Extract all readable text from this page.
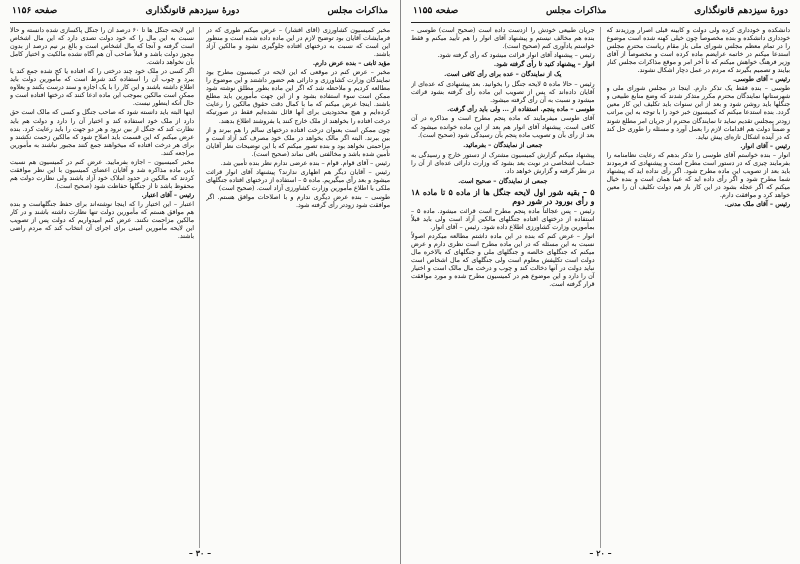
دورهٔ سیزدهم قانونگذاری
مذاکرات مجلس
صفحه ۱۱۵۵

دانشکده و خودداری کرده ولی دولت و کابینه قبلی اصرار ورزیدند که خودداری دانشکده و بنده مخصوصاً چون خیلی کهنه شده است موضوع را در تمام معظم مجلس شورای ملی باز مقام ریاست محترم مجلس استدعا میکنم در خاتمه عرایضم ماده کرده است و مخصوصاً از آقای وزیر فرهنگ خواهش میکنم که تا آخر امر و موقع مذاکرات مجلس کنار بیایند و تصمیم بگیرند که مردم در عمل دچار اشکال نشوند.

رئیس – آقای طوسی.

طوسی – بنده فقط یک تذکر دارم. اینجا در مجلس شورای ملی و شهرستانها نمایندگان محترم مکرر متذکر شدند که وضع منابع طبیعی و جنگلها باید روشن شود و بعد از این سنوات باید تکلیف این کار معین گردد. بنده استدعا میکنم که کمیسیون خبر خود را با توجه به این مراتب زودتر بمجلس تقدیم نماید تا نمایندگان محترم از جریان امر مطلع شوند و ضمناً دولت هم اقدامات لازم را بعمل آورد و مسئله را طوری حل کند که در آینده اشکال تازه‌ای پیش نیاید.

رئیس – آقای انوار.

انوار – بنده خواستم آقای طوسی را تذکر بدهم که رعایت نظامنامه را بفرمایند چیزی که در دستور است مطرح است و پیشنهادی که فرمودند باید بعد از تصویب این ماده مطرح شود. اگر رأی نداده اید که پیشنهاد شما مطرح شود و اگر رأی داده اید که عیناً همان است و بنده خیال میکنم که اگر عجله بشود در این کار باز هم دولت تکلیف آن را معین خواهد کرد و موافقت دارم.

رئیس – آقای ملک مدنی.

جریان طبیعی خودش را ازدست داده است (صحیح است) طوسی – بنده هم مخالف نیستم و پیشنهاد آقای انوار را هم تأیید میکنم و فقط خواستم یادآوری کنم (صحیح است).

رئیس – پیشنهاد آقای انوار قرائت میشود که رأی گرفته شود.

انوار – پیشنهاد کنید تا رأی گرفته شود.

یک از نمایندگان – عده برای رأی کافی است.

رئیس – حالا ماده ۵ لایحه جنگل را بخوانید. بعد پیشنهادی که عده‌ای از آقایان داده‌اند که پس از تصویب این ماده رأی گرفته بشود قرائت میشود و نسبت به آن رأی گرفته میشود.

طوسی – ماده پنجم. استفاده از ... ولی باید رأی گرفت.

آقای طوسی میفرمایند که ماده پنجم مطرح است و مذاکره در آن کافی است. پیشنهاد آقای انوار هم بعد از این ماده خوانده میشود که بعد از رأی بآن و تصویب ماده پنجم بآن رسیدگی شود (صحیح است).

جمعی از نمایندگان – بفرمائید.

پیشنهاد میکنم گزارش کمیسیون مشترک از دستور خارج و رسیدگی به حساب اشخاصی در نوبت بعد بشود که وزارت دارائی عده‌ای از آن را در نظر گرفته و گزارش خواهد داد.

جمعی از نمایندگان – صحیح است.

۵ – بقیه شور اول لایحه جنگل ها از ماده ۵ تا ماده ۱۸ و رأی بورود در شور دوم

رئیس – پس عجالتاً ماده پنجم مطرح است قرائت میشود. ماده ۵ – استفاده از درختهای افتاده جنگلهای مالکین آزاد است ولی باید قبلاً بمأمورین وزارت کشاورزی اطلاع داده شود. رئیس – آقای انوار.

انوار – عرض کنم که بنده در این ماده داشتم مطالعه میکردم اصولاً نسبت به این مسئله که در این ماده مطرح است نظری دارم و عرض میکنم که جنگلهای خالصه و جنگلهای ملی و جنگلهای که بالاخره مال دولت است تکلیفش معلوم است ولی جنگلهای که مال اشخاص است نباید دولت در آنها دخالت کند و چوب و درخت مال مالک است و اختیار آن را دارد و این موضوع هم در کمیسیون مطرح شده و مورد موافقت قرار گرفته است.

– ۲۰ –
مذاکرات مجلس
دورهٔ سیزدهم قانونگذاری
صفحه ۱۱۵۶

مخبر کمیسیون کشاورزی (آقای افشار) – عرض میکنم طوری که در فرمایشات آقایان بود توضیح لازم در این ماده داده شده است و منظور این است که نسبت به درختهای افتاده جلوگیری نشود و مالکین آزاد باشند.

مؤید ثابتی – بنده عرض دارم.

مخبر – عرض کنم در موقعی که این لایحه در کمیسیون مطرح بود نمایندگان وزارت کشاورزی و دارائی هم حضور داشتند و این موضوع را مطالعه کردیم و ملاحظه شد که اگر این ماده بطور مطلق نوشته شود ممکن است سوء استفاده بشود و از این جهت مأمورین باید مطلع باشند. اینجا عرض میکنم که ما با کمال دقت حقوق مالکین را رعایت کرده‌ایم و هیچ محدودیتی برای آنها قائل نشده‌ایم فقط در صورتیکه درخت افتاده را بخواهند از ملک خارج کنند یا بفروشند اطلاع بدهند.

چون ممکن است بعنوان درخت افتاده درختهای سالم را هم ببرند و از بین ببرند. البته اگر مالک بخواهد در ملک خود مصرف کند آزاد است و مزاحمتی نخواهد بود و بنده تصور میکنم که با این توضیحات نظر آقایان تأمین شده باشد و مخالفتی باقی نماند (صحیح است).

رئیس – آقای قوام. قوام – بنده عرضی ندارم نظر بنده تأمین شد.

رئیس – آقایان دیگر هم اظهاری ندارند؟ پیشنهاد آقای انوار قرائت میشود و بعد رأی میگیریم. ماده ۵ – استفاده از درختهای افتاده جنگلهای ملکی با اطلاع مأمورین وزارت کشاورزی آزاد است. (صحیح است)

طوسی – بنده عرض دیگری ندارم و با اصلاحات موافق هستم. اگر موافقت شود زودتر رأی گرفته شود.

این لایحه جنگل ها تا ۶۰ درصد آن را جنگل پاکسازی شده دانسته و حالا نسبت به این مال را که خود دولت تصدی دارد که این مال اشخاص است گرفته و آنجا که مال اشخاص است و بالغ بر نیم درصد از بدون مجوز دولت باشد و قبلاً صاحب آن هم آگاه نشده مالکیت و اختیار کامل بآن نخواهد داشت.

اگر کسی در ملک خود چند درختی را که افتاده یا کج شده جمع کند یا ببرد و چوب آن را استفاده کند شرط است که مأمورین دولت باید اطلاع داشته باشند و این کار را با یک اجازه و سند درست بکنند و بعلاوه ممکن است مالکین بموجب این ماده ادعا کنند که درختها افتاده است و حال آنکه اینطور نیست.

اینها البته باید دانسته شود که صاحب جنگل و کسی که مالک است حق دارد از ملک خود استفاده کند و اختیار آن را دارد و دولت هم باید نظارت کند که جنگل از بین نرود و هر دو جهت را باید رعایت کرد. بنده عرض میکنم که این قسمت باید اصلاح شود که مالکین زحمت نکشند و برای هر درخت افتاده که میخواهند جمع کنند مجبور نباشند به مأمورین مراجعه کنند.

مخبر کمیسیون – اجازه بفرمایید. عرض کنم در کمیسیون هم نسبت بابن ماده مذاکره شد و آقایان اعضای کمیسیون با این نظر موافقت کردند که مالکین در حدود املاک خود آزاد باشند ولی نظارت دولت هم محفوظ باشد تا از جنگلها حفاظت شود (صحیح است).

رئیس – آقای اعتبار.

اعتبار – این اختیار را که اینجا نوشته‌اند برای حفظ جنگلهاست و بنده هم موافق هستم که مأمورین دولت تنها نظارت داشته باشند و در کار مالکین مزاحمت نکنند. عرض کنم امیدواریم که دولت پس از تصویب این لایحه مأمورین امینی برای اجرای آن انتخاب کند که مردم راضی باشند.

– ۳۰ –
